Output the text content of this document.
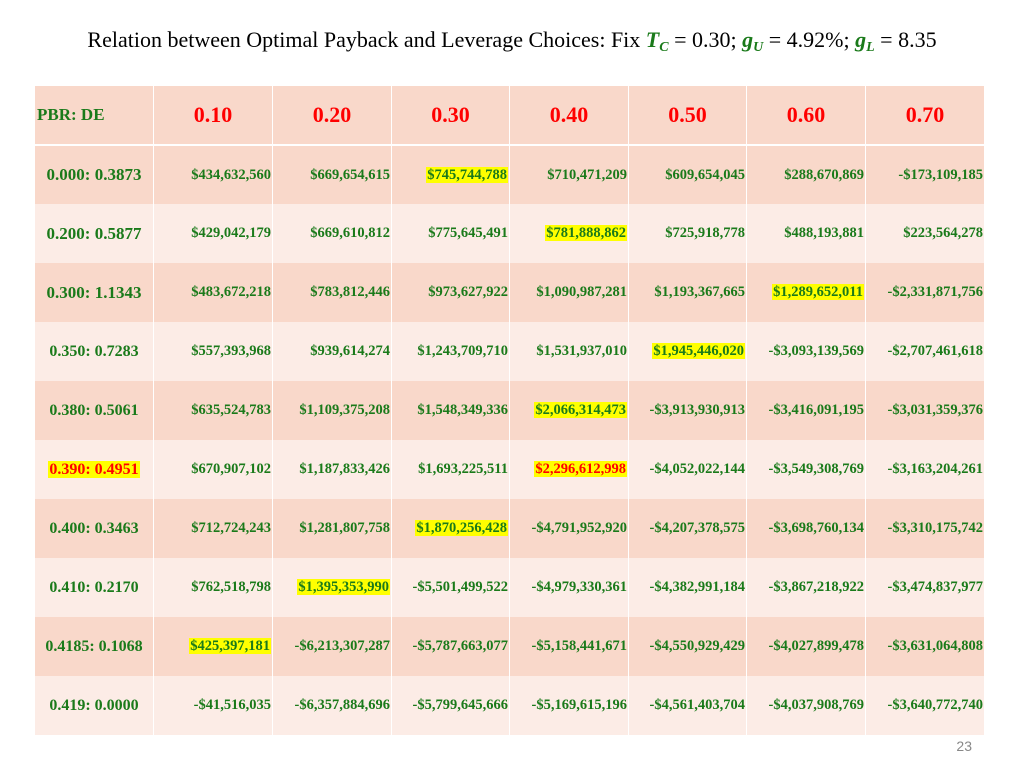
Relation between Optimal Payback and Leverage Choices: Fix $T_C = 0.30$; $g_U = 4.92\%$; $g_L = 8.35$
PBR: DE	0.10	0.20	0.30	0.40	0.50	0.60	0.70
0.000: 0.3873	$434,632,560	$669,654,615	$745,744,788	$710,471,209	$609,654,045	$288,670,869	-$173,109,185
0.200: 0.5877	$429,042,179	$669,610,812	$775,645,491	$781,888,862	$725,918,778	$488,193,881	$223,564,278
0.300: 1.1343	$483,672,218	$783,812,446	$973,627,922	$1,090,987,281	$1,193,367,665	$1,289,652,011	-$2,331,871,756
0.350: 0.7283	$557,393,968	$939,614,274	$1,243,709,710	$1,531,937,010	$1,945,446,020	-$3,093,139,569	-$2,707,461,618
0.380: 0.5061	$635,524,783	$1,109,375,208	$1,548,349,336	$2,066,314,473	-$3,913,930,913	-$3,416,091,195	-$3,031,359,376
0.390: 0.4951	$670,907,102	$1,187,833,426	$1,693,225,511	$2,296,612,998	-$4,052,022,144	-$3,549,308,769	-$3,163,204,261
0.400: 0.3463	$712,724,243	$1,281,807,758	$1,870,256,428	-$4,791,952,920	-$4,207,378,575	-$3,698,760,134	-$3,310,175,742
0.410: 0.2170	$762,518,798	$1,395,353,990	-$5,501,499,522	-$4,979,330,361	-$4,382,991,184	-$3,867,218,922	-$3,474,837,977
0.4185: 0.1068	$425,397,181	-$6,213,307,287	-$5,787,663,077	-$5,158,441,671	-$4,550,929,429	-$4,027,899,478	-$3,631,064,808
0.419: 0.0000	-$41,516,035	-$6,357,884,696	-$5,799,645,666	-$5,169,615,196	-$4,561,403,704	-$4,037,908,769	-$3,640,772,740
23
